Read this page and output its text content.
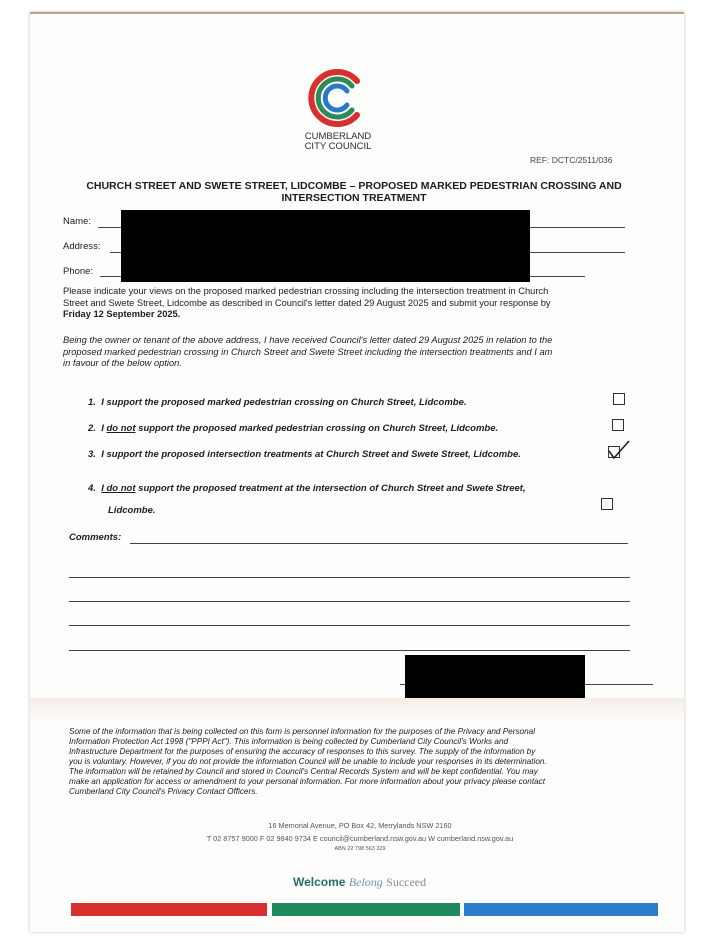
CUMBERLAND
CITY COUNCIL
REF: DCTC/2511/036
CHURCH STREET AND SWETE STREET, LIDCOMBE – PROPOSED MARKED PEDESTRIAN CROSSING AND
INTERSECTION TREATMENT
Name:
Address:
Phone:
Please indicate your views on the proposed marked pedestrian crossing including the intersection treatment in Church
Street and Swete Street, Lidcombe as described in Council's letter dated 29 August 2025 and submit your response by
Friday 12 September 2025.
Being the owner or tenant of the above address, I have received Council's letter dated 29 August 2025 in relation to the
proposed marked pedestrian crossing in Church Street and Swete Street including the intersection treatments and I am
in favour of the below option.
1. I support the proposed marked pedestrian crossing on Church Street, Lidcombe.
2. I do not support the proposed marked pedestrian crossing on Church Street, Lidcombe.
3. I support the proposed intersection treatments at Church Street and Swete Street, Lidcombe.
4. I do not support the proposed treatment at the intersection of Church Street and Swete Street,
Lidcombe.
Comments:
Some of the information that is being collected on this form is personnel information for the purposes of the Privacy and Personal
Information Protection Act 1998 ("PPPI Act"). This information is being collected by Cumberland City Council's Works and
Infrastructure Department for the purposes of ensuring the accuracy of responses to this survey. The supply of the information by
you is voluntary. However, if you do not provide the information Council will be unable to include your responses in its determination.
The information will be retained by Council and stored in Council's Central Records System and will be kept confidential. You may
make an application for access or amendment to your personal information. For more information about your privacy please contact
Cumberland City Council's Privacy Contact Officers.
16 Memorial Avenue, PO Box 42, Merrylands NSW 2160
T 02 8757 9000 F 02 9840 9734 E council@cumberland.nsw.gov.au W cumberland.nsw.gov.au
ABN 22 798 563 329
Welcome Belong Succeed
